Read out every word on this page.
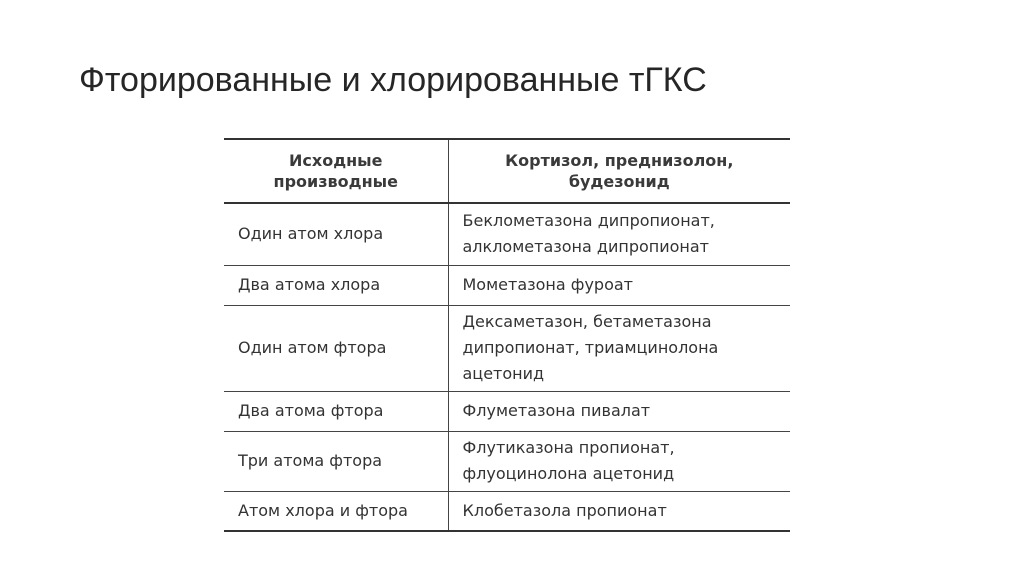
Фторированные и хлорированные тГКС
Исходные
производные	Кортизол, преднизолон,
будезонид

Один атом хлора	Беклометазона дипропионат,
алклометазона дипропионат

Два атома хлора	Мометазона фуроат

Один атом фтора	Дексаметазон, бетаметазона
дипропионат, триамцинолона
ацетонид

Два атома фтора	Флуметазона пивалат

Три атома фтора	Флутиказона пропионат,
флуоцинолона ацетонид

Атом хлора и фтора	Клобетазола пропионат
